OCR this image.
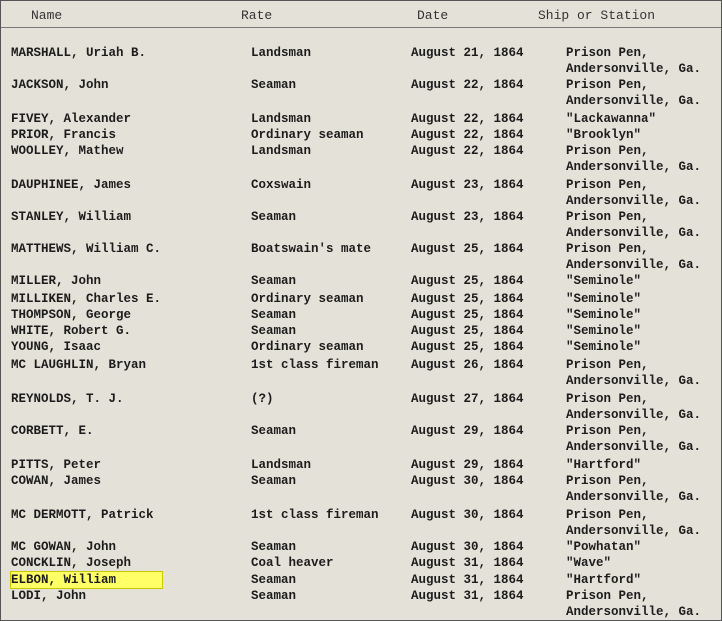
Name	Rate	Date	Ship or Station
MARSHALL, Uriah B.	Landsman	August 21, 1864	Prison Pen,
Andersonville, Ga.
JACKSON, John	Seaman	August 22, 1864	Prison Pen,
Andersonville, Ga.
FIVEY, Alexander	Landsman	August 22, 1864	"Lackawanna"
PRIOR, Francis	Ordinary seaman	August 22, 1864	"Brooklyn"
WOOLLEY, Mathew	Landsman	August 22, 1864	Prison Pen,
Andersonville, Ga.
DAUPHINEE, James	Coxswain	August 23, 1864	Prison Pen,
Andersonville, Ga.
STANLEY, William	Seaman	August 23, 1864	Prison Pen,
Andersonville, Ga.
MATTHEWS, William C.	Boatswain's mate	August 25, 1864	Prison Pen,
Andersonville, Ga.
MILLER, John	Seaman	August 25, 1864	"Seminole"
MILLIKEN, Charles E.	Ordinary seaman	August 25, 1864	"Seminole"
THOMPSON, George	Seaman	August 25, 1864	"Seminole"
WHITE, Robert G.	Seaman	August 25, 1864	"Seminole"
YOUNG, Isaac	Ordinary seaman	August 25, 1864	"Seminole"
MC LAUGHLIN, Bryan	1st class fireman	August 26, 1864	Prison Pen,
Andersonville, Ga.
REYNOLDS, T. J.	(?)	August 27, 1864	Prison Pen,
Andersonville, Ga.
CORBETT, E.	Seaman	August 29, 1864	Prison Pen,
Andersonville, Ga.
PITTS, Peter	Landsman	August 29, 1864	"Hartford"
COWAN, James	Seaman	August 30, 1864	Prison Pen,
Andersonville, Ga.
MC DERMOTT, Patrick	1st class fireman	August 30, 1864	Prison Pen,
Andersonville, Ga.
MC GOWAN, John	Seaman	August 30, 1864	"Powhatan"
CONCKLIN, Joseph	Coal heaver	August 31, 1864	"Wave"
ELBON, William	Seaman	August 31, 1864	"Hartford"
LODI, John	Seaman	August 31, 1864	Prison Pen,
Andersonville, Ga.
